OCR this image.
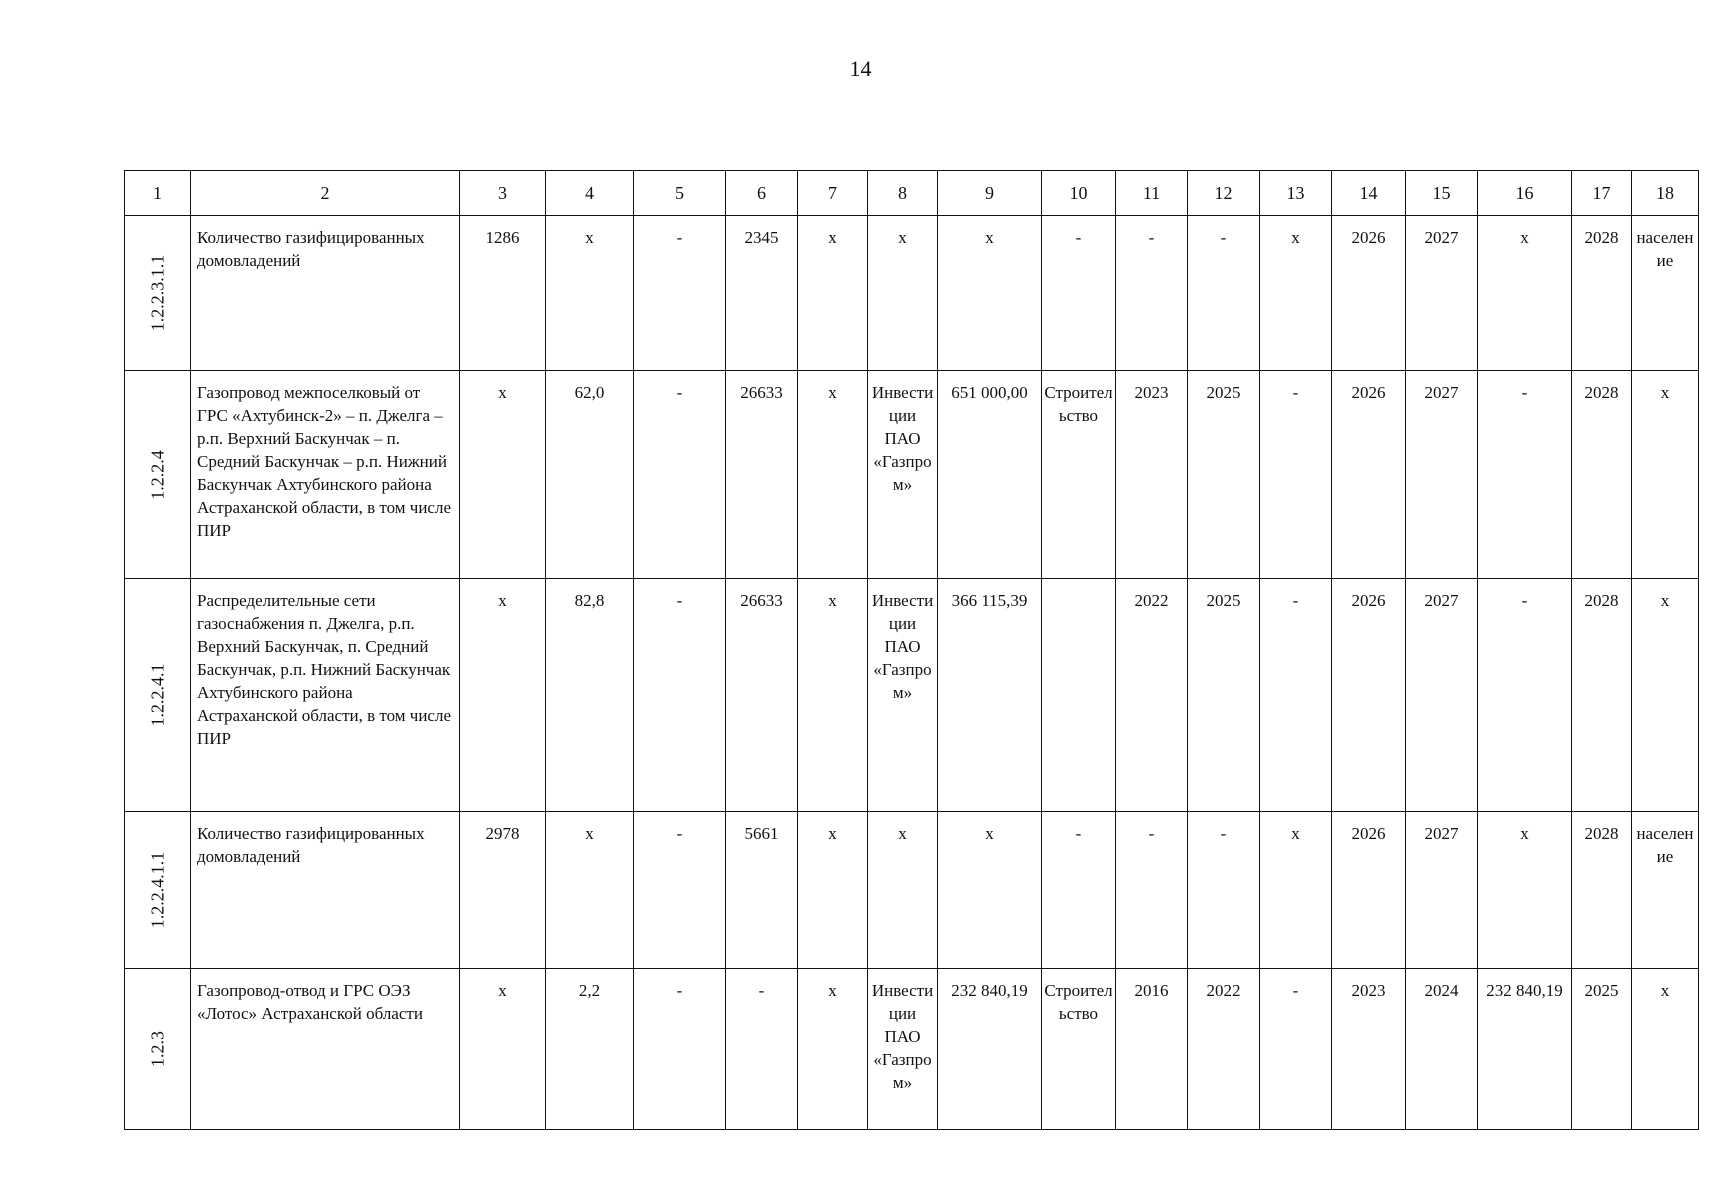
14
1	2	3	4	5	6	7	8	9	10	11	12	13	14	15	16	17	18

1.2.2.3.1.1	Количество газифицированных домовладений	1286	х	-	2345	х	х	х	-	-	-	х	2026	2027	х	2028	население

1.2.2.4	Газопровод межпоселковый от ГРС «Ахтубинск-2» – п. Джелга – р.п. Верхний Баскунчак – п. Средний Баскунчак – р.п. Нижний Баскунчак Ахтубинского района Астраханской области, в том числе ПИР	х	62,0	-	26633	х	Инвестиции ПАО «Газпром»	651 000,00	Строительство	2023	2025	-	2026	2027	-	2028	х

1.2.2.4.1	Распределительные сети газоснабжения п. Джелга, р.п. Верхний Баскунчак, п. Средний Баскунчак, р.п. Нижний Баскунчак Ахтубинского района Астраханской области, в том числе ПИР	х	82,8	-	26633	х	Инвестиции ПАО «Газпром»	366 115,39		2022	2025	-	2026	2027	-	2028	х

1.2.2.4.1.1	Количество газифицированных домовладений	2978	х	-	5661	х	х	х	-	-	-	х	2026	2027	х	2028	население

1.2.3	Газопровод-отвод и ГРС ОЭЗ «Лотос» Астраханской области	х	2,2	-	-	х	Инвестиции ПАО «Газпром»	232 840,19	Строительство	2016	2022	-	2023	2024	232 840,19	2025	х
